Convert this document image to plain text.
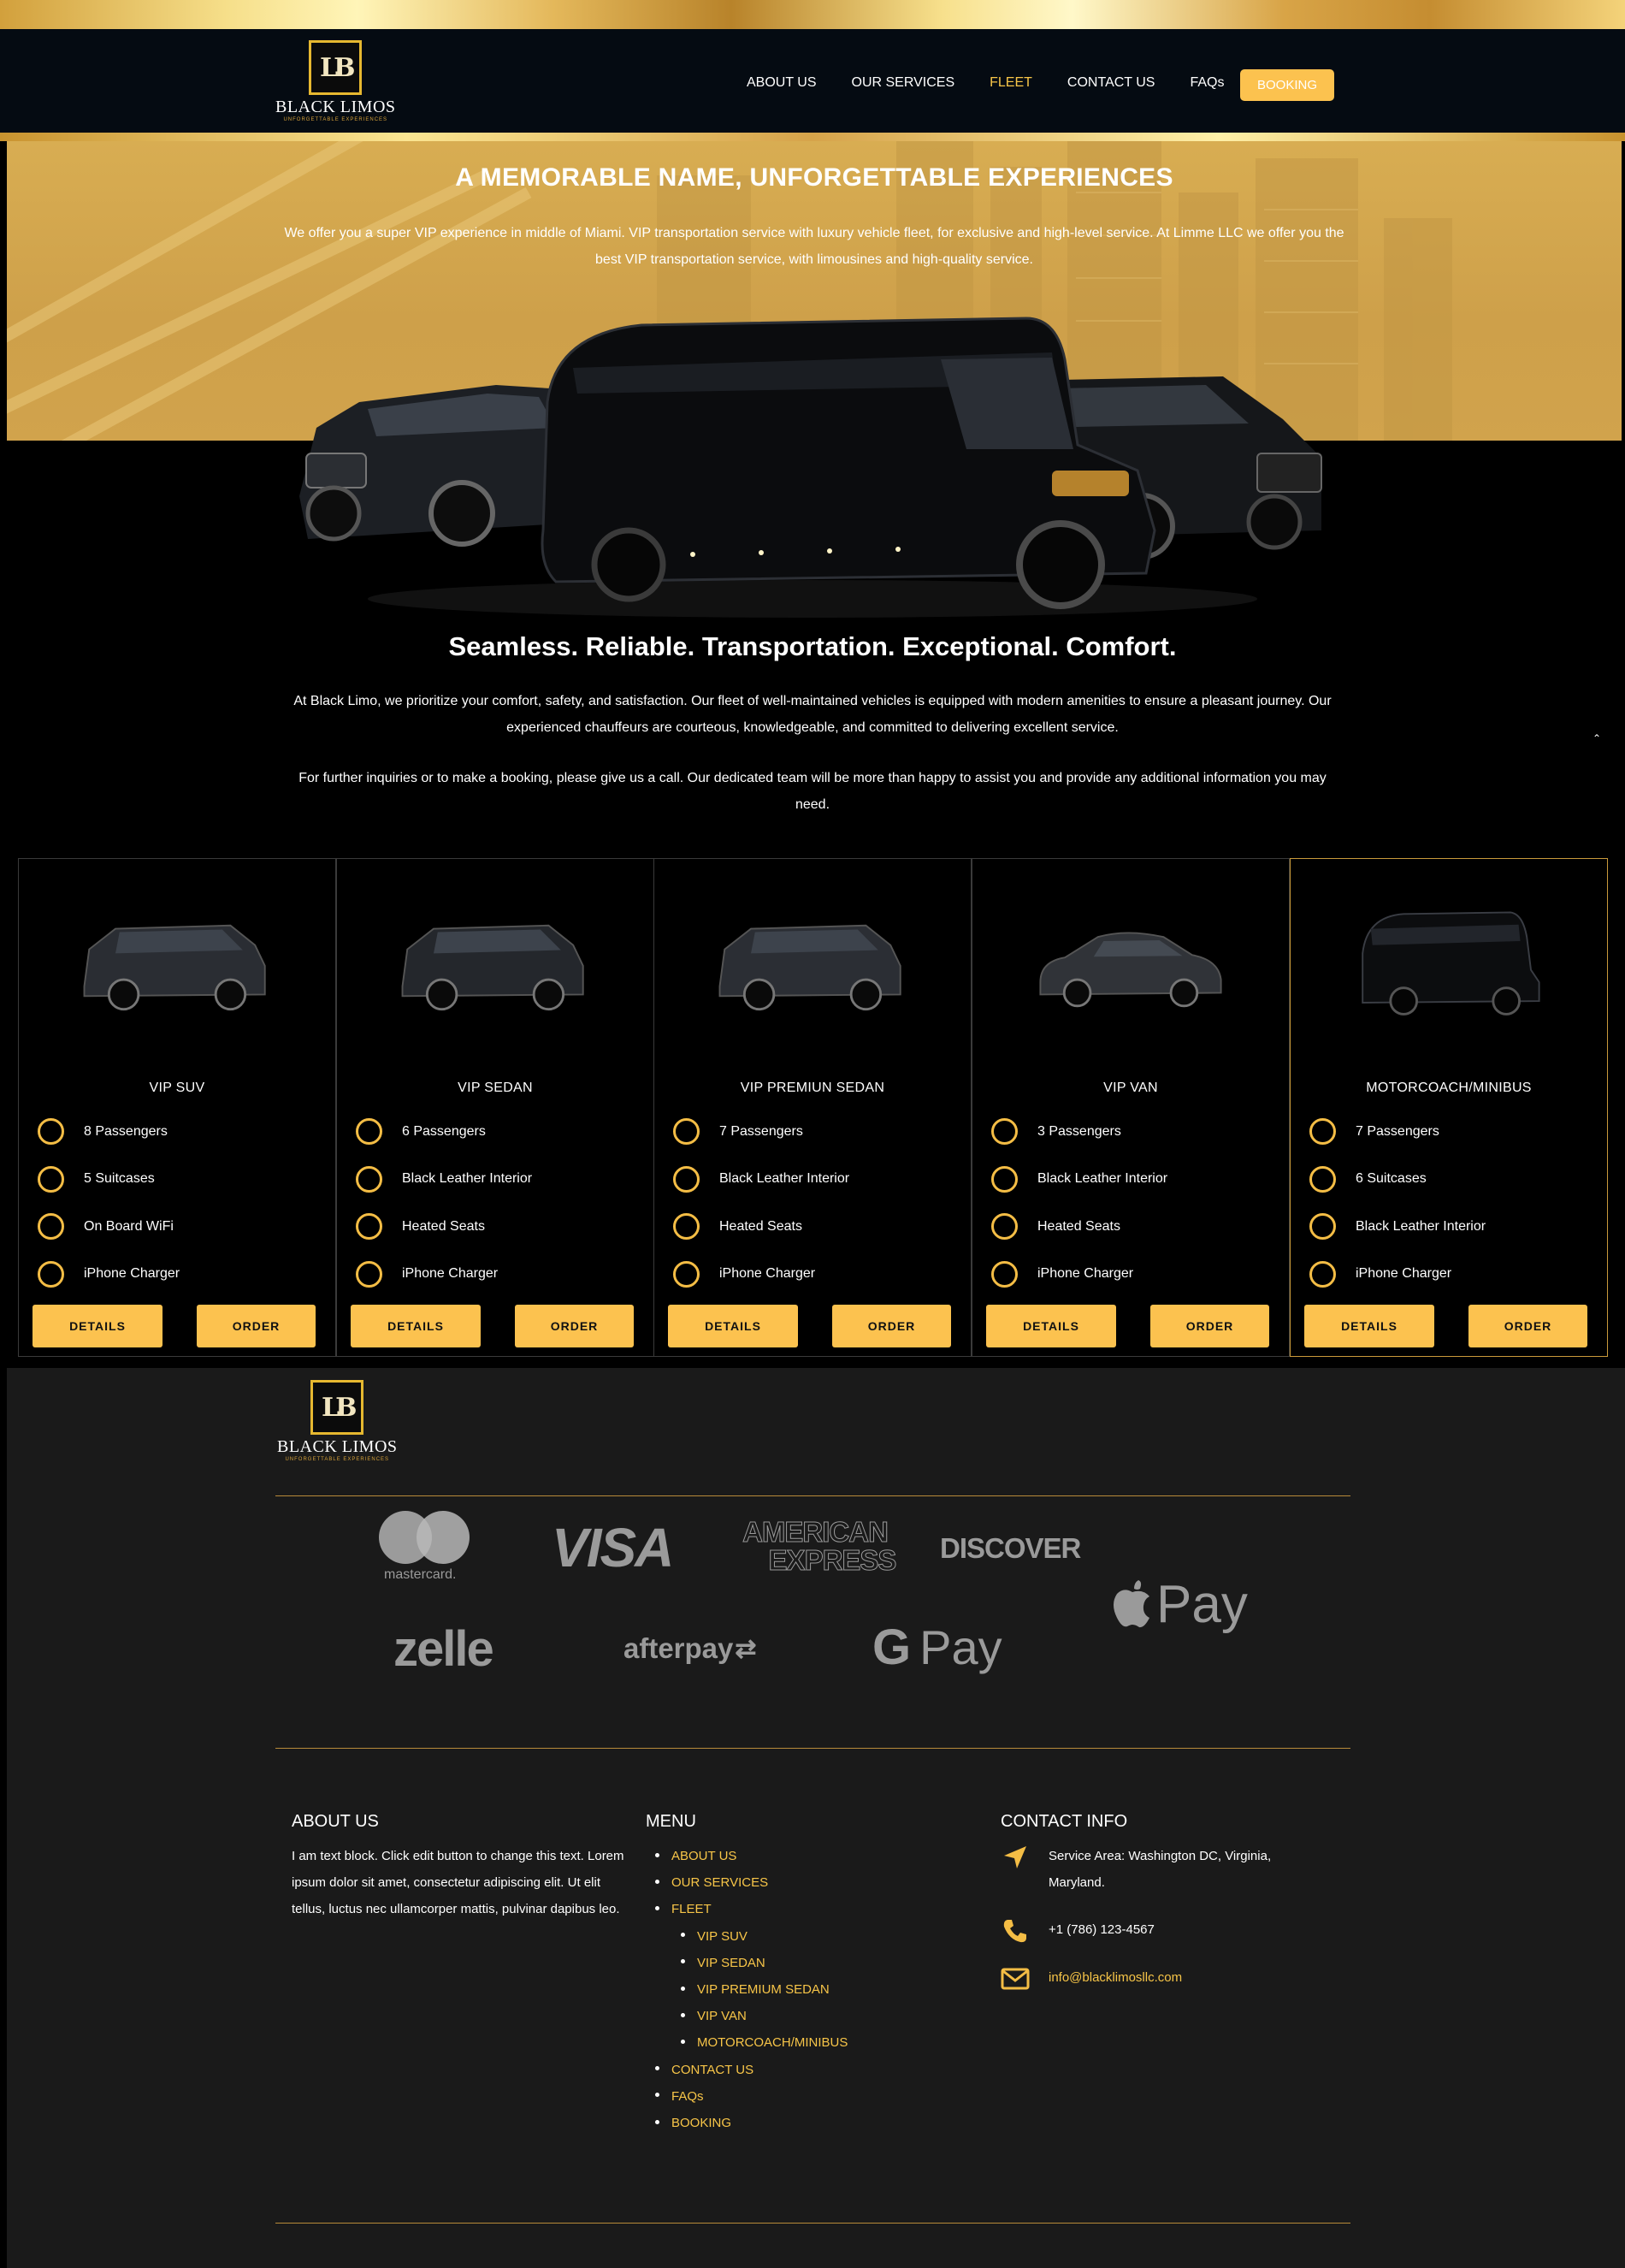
LB
BLACK LIMOS
UNFORGETTABLE EXPERIENCES
ABOUT US	OUR SERVICES	FLEET	CONTACT US	FAQs	BOOKING
A MEMORABLE NAME, UNFORGETTABLE EXPERIENCES
We offer you a super VIP experience in middle of Miami. VIP transportation service with luxury vehicle fleet, for exclusive and high-level service. At Limme LLC we offer you the best VIP transportation service, with limousines and high-quality service.
Seamless. Reliable. Transportation. Exceptional. Comfort.
At Black Limo, we prioritize your comfort, safety, and satisfaction. Our fleet of well-maintained vehicles is equipped with modern amenities to ensure a pleasant journey. Our experienced chauffeurs are courteous, knowledgeable, and committed to delivering excellent service.
For further inquiries or to make a booking, please give us a call. Our dedicated team will be more than happy to assist you and provide any additional information you may need.
⌃
VIP SUV
8 Passengers
5 Suitcases
On Board WiFi
iPhone Charger
DETAILS	ORDER
VIP SEDAN
6 Passengers
Black Leather Interior
Heated Seats
iPhone Charger
DETAILS	ORDER
VIP PREMIUN SEDAN
7 Passengers
Black Leather Interior
Heated Seats
iPhone Charger
DETAILS	ORDER
VIP VAN
3 Passengers
Black Leather Interior
Heated Seats
iPhone Charger
DETAILS	ORDER
MOTORCOACH/MINIBUS
7 Passengers
6 Suitcases
Black Leather Interior
iPhone Charger
DETAILS	ORDER
LB
BLACK LIMOS
UNFORGETTABLE EXPERIENCES
mastercard. VISA	AMERICAN
EXPRESS DISCOVER
Pay
zelle	afterpay ⇄ G Pay
ABOUT US
I am text block. Click edit button to change this text. Lorem ipsum dolor sit amet, consectetur adipiscing elit. Ut elit tellus, luctus nec ullamcorper mattis, pulvinar dapibus leo.
MENU
ABOUT US
OUR SERVICES
FLEET
VIP SUV
VIP SEDAN
VIP PREMIUM SEDAN
VIP VAN
MOTORCOACH/MINIBUS
CONTACT US
FAQs
BOOKING
CONTACT INFO
Service Area: Washington DC, Virginia, Maryland.
+1 (786) 123-4567
info@blacklimosllc.com
